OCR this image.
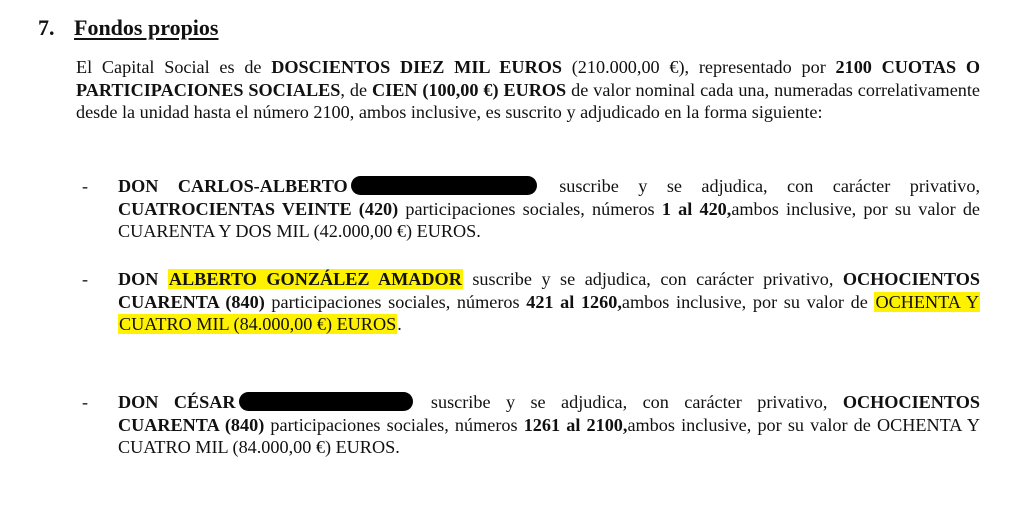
7. Fondos propios

El Capital Social es de DOSCIENTOS DIEZ MIL EUROS (210.000,00 €), representado por 2100 CUOTAS O PARTICIPACIONES SOCIALES, de CIEN (100,00 €) EUROS de valor nominal cada una, numeradas correlativamente desde la unidad hasta el número 2100, ambos inclusive, es suscrito y adjudicado en la forma siguiente:

- DON CARLOS-ALBERTO	suscribe y se adjudica, con carácter privativo, CUATROCIENTAS VEINTE (420) participaciones sociales, números 1 al 420,ambos inclusive, por su valor de CUARENTA Y DOS MIL (42.000,00 €) EUROS.
- DON ALBERTO GONZÁLEZ AMADOR suscribe y se adjudica, con carácter privativo, OCHOCIENTOS CUARENTA (840) participaciones sociales, números 421 al 1260,ambos inclusive, por su valor de OCHENTA Y CUATRO MIL (84.000,00 €) EUROS.
- DON CÉSAR	suscribe y se adjudica, con carácter privativo, OCHOCIENTOS CUARENTA (840) participaciones sociales, números 1261 al 2100,ambos inclusive, por su valor de OCHENTA Y CUATRO MIL (84.000,00 €) EUROS.
